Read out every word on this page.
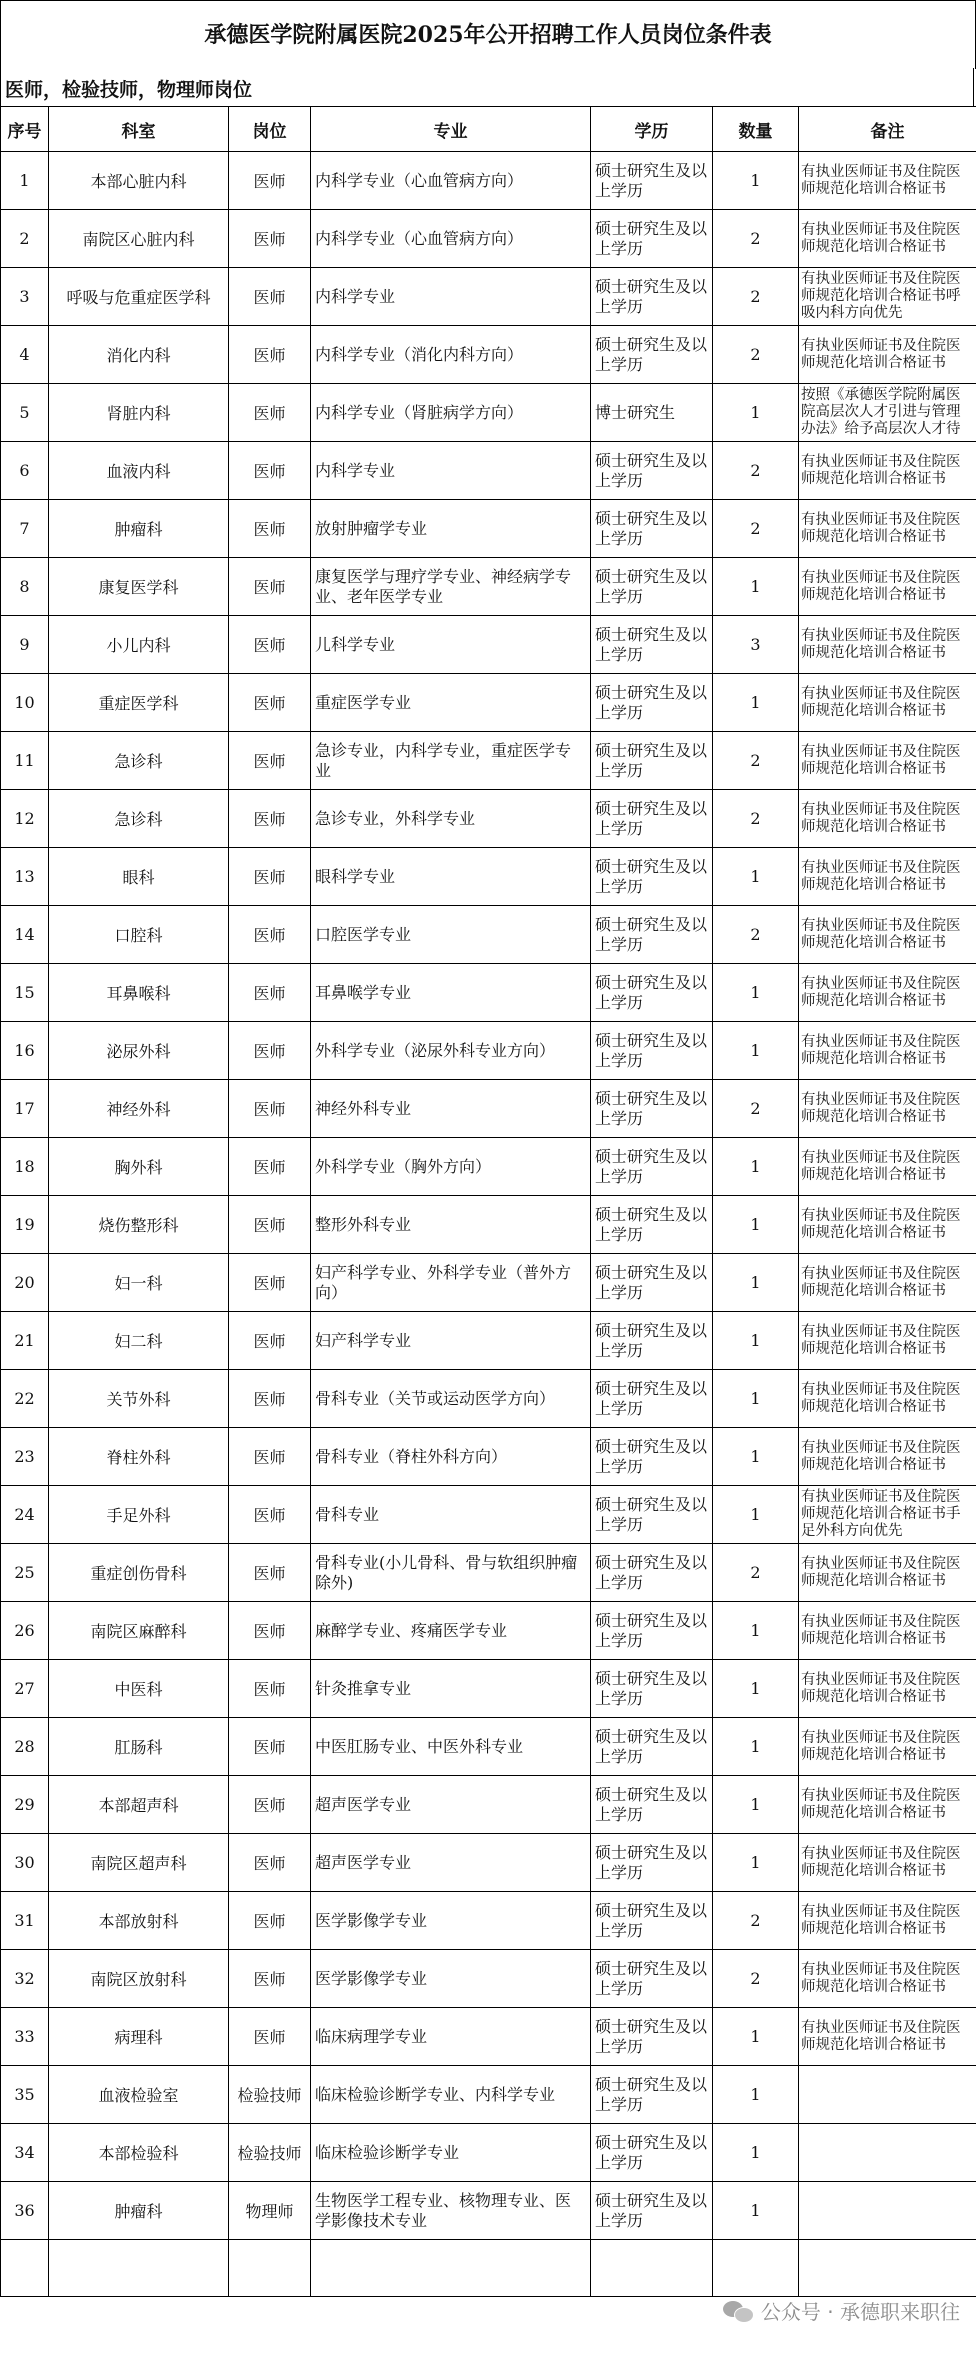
承德医学院附属医院2025年公开招聘工作人员岗位条件表
医师，检验技师，物理师岗位
序号	科室	岗位	专业	学历	数量	备注
1	本部心脏内科	医师	内科学专业（心血管病方向）	硕士研究生及以上学历	1	有执业医师证书及住院医师规范化培训合格证书
2	南院区心脏内科	医师	内科学专业（心血管病方向）	硕士研究生及以上学历	2	有执业医师证书及住院医师规范化培训合格证书
3	呼吸与危重症医学科	医师	内科学专业	硕士研究生及以上学历	2	有执业医师证书及住院医师规范化培训合格证书呼吸内科方向优先
4	消化内科	医师	内科学专业（消化内科方向）	硕士研究生及以上学历	2	有执业医师证书及住院医师规范化培训合格证书
5	肾脏内科	医师	内科学专业（肾脏病学方向）	博士研究生	1	按照《承德医学院附属医院高层次人才引进与管理办法》给予高层次人才待
6	血液内科	医师	内科学专业	硕士研究生及以上学历	2	有执业医师证书及住院医师规范化培训合格证书
7	肿瘤科	医师	放射肿瘤学专业	硕士研究生及以上学历	2	有执业医师证书及住院医师规范化培训合格证书
8	康复医学科	医师	康复医学与理疗学专业、神经病学专业、老年医学专业	硕士研究生及以上学历	1	有执业医师证书及住院医师规范化培训合格证书
9	小儿内科	医师	儿科学专业	硕士研究生及以上学历	3	有执业医师证书及住院医师规范化培训合格证书
10	重症医学科	医师	重症医学专业	硕士研究生及以上学历	1	有执业医师证书及住院医师规范化培训合格证书
11	急诊科	医师	急诊专业，内科学专业，重症医学专业	硕士研究生及以上学历	2	有执业医师证书及住院医师规范化培训合格证书
12	急诊科	医师	急诊专业，外科学专业	硕士研究生及以上学历	2	有执业医师证书及住院医师规范化培训合格证书
13	眼科	医师	眼科学专业	硕士研究生及以上学历	1	有执业医师证书及住院医师规范化培训合格证书
14	口腔科	医师	口腔医学专业	硕士研究生及以上学历	2	有执业医师证书及住院医师规范化培训合格证书
15	耳鼻喉科	医师	耳鼻喉学专业	硕士研究生及以上学历	1	有执业医师证书及住院医师规范化培训合格证书
16	泌尿外科	医师	外科学专业（泌尿外科专业方向）	硕士研究生及以上学历	1	有执业医师证书及住院医师规范化培训合格证书
17	神经外科	医师	神经外科专业	硕士研究生及以上学历	2	有执业医师证书及住院医师规范化培训合格证书
18	胸外科	医师	外科学专业（胸外方向）	硕士研究生及以上学历	1	有执业医师证书及住院医师规范化培训合格证书
19	烧伤整形科	医师	整形外科专业	硕士研究生及以上学历	1	有执业医师证书及住院医师规范化培训合格证书
20	妇一科	医师	妇产科学专业、外科学专业（普外方向）	硕士研究生及以上学历	1	有执业医师证书及住院医师规范化培训合格证书
21	妇二科	医师	妇产科学专业	硕士研究生及以上学历	1	有执业医师证书及住院医师规范化培训合格证书
22	关节外科	医师	骨科专业（关节或运动医学方向）	硕士研究生及以上学历	1	有执业医师证书及住院医师规范化培训合格证书
23	脊柱外科	医师	骨科专业（脊柱外科方向）	硕士研究生及以上学历	1	有执业医师证书及住院医师规范化培训合格证书
24	手足外科	医师	骨科专业	硕士研究生及以上学历	1	有执业医师证书及住院医师规范化培训合格证书手足外科方向优先
25	重症创伤骨科	医师	骨科专业(小儿骨科、骨与软组织肿瘤除外)	硕士研究生及以上学历	2	有执业医师证书及住院医师规范化培训合格证书
26	南院区麻醉科	医师	麻醉学专业、疼痛医学专业	硕士研究生及以上学历	1	有执业医师证书及住院医师规范化培训合格证书
27	中医科	医师	针灸推拿专业	硕士研究生及以上学历	1	有执业医师证书及住院医师规范化培训合格证书
28	肛肠科	医师	中医肛肠专业、中医外科专业	硕士研究生及以上学历	1	有执业医师证书及住院医师规范化培训合格证书
29	本部超声科	医师	超声医学专业	硕士研究生及以上学历	1	有执业医师证书及住院医师规范化培训合格证书
30	南院区超声科	医师	超声医学专业	硕士研究生及以上学历	1	有执业医师证书及住院医师规范化培训合格证书
31	本部放射科	医师	医学影像学专业	硕士研究生及以上学历	2	有执业医师证书及住院医师规范化培训合格证书
32	南院区放射科	医师	医学影像学专业	硕士研究生及以上学历	2	有执业医师证书及住院医师规范化培训合格证书
33	病理科	医师	临床病理学专业	硕士研究生及以上学历	1	有执业医师证书及住院医师规范化培训合格证书
35	血液检验室	检验技师	临床检验诊断学专业、内科学专业	硕士研究生及以上学历	1	
34	本部检验科	检验技师	临床检验诊断学专业	硕士研究生及以上学历	1	
36	肿瘤科	物理师	生物医学工程专业、核物理专业、医学影像技术专业	硕士研究生及以上学历	1	

公众号 · 承德职来职往
